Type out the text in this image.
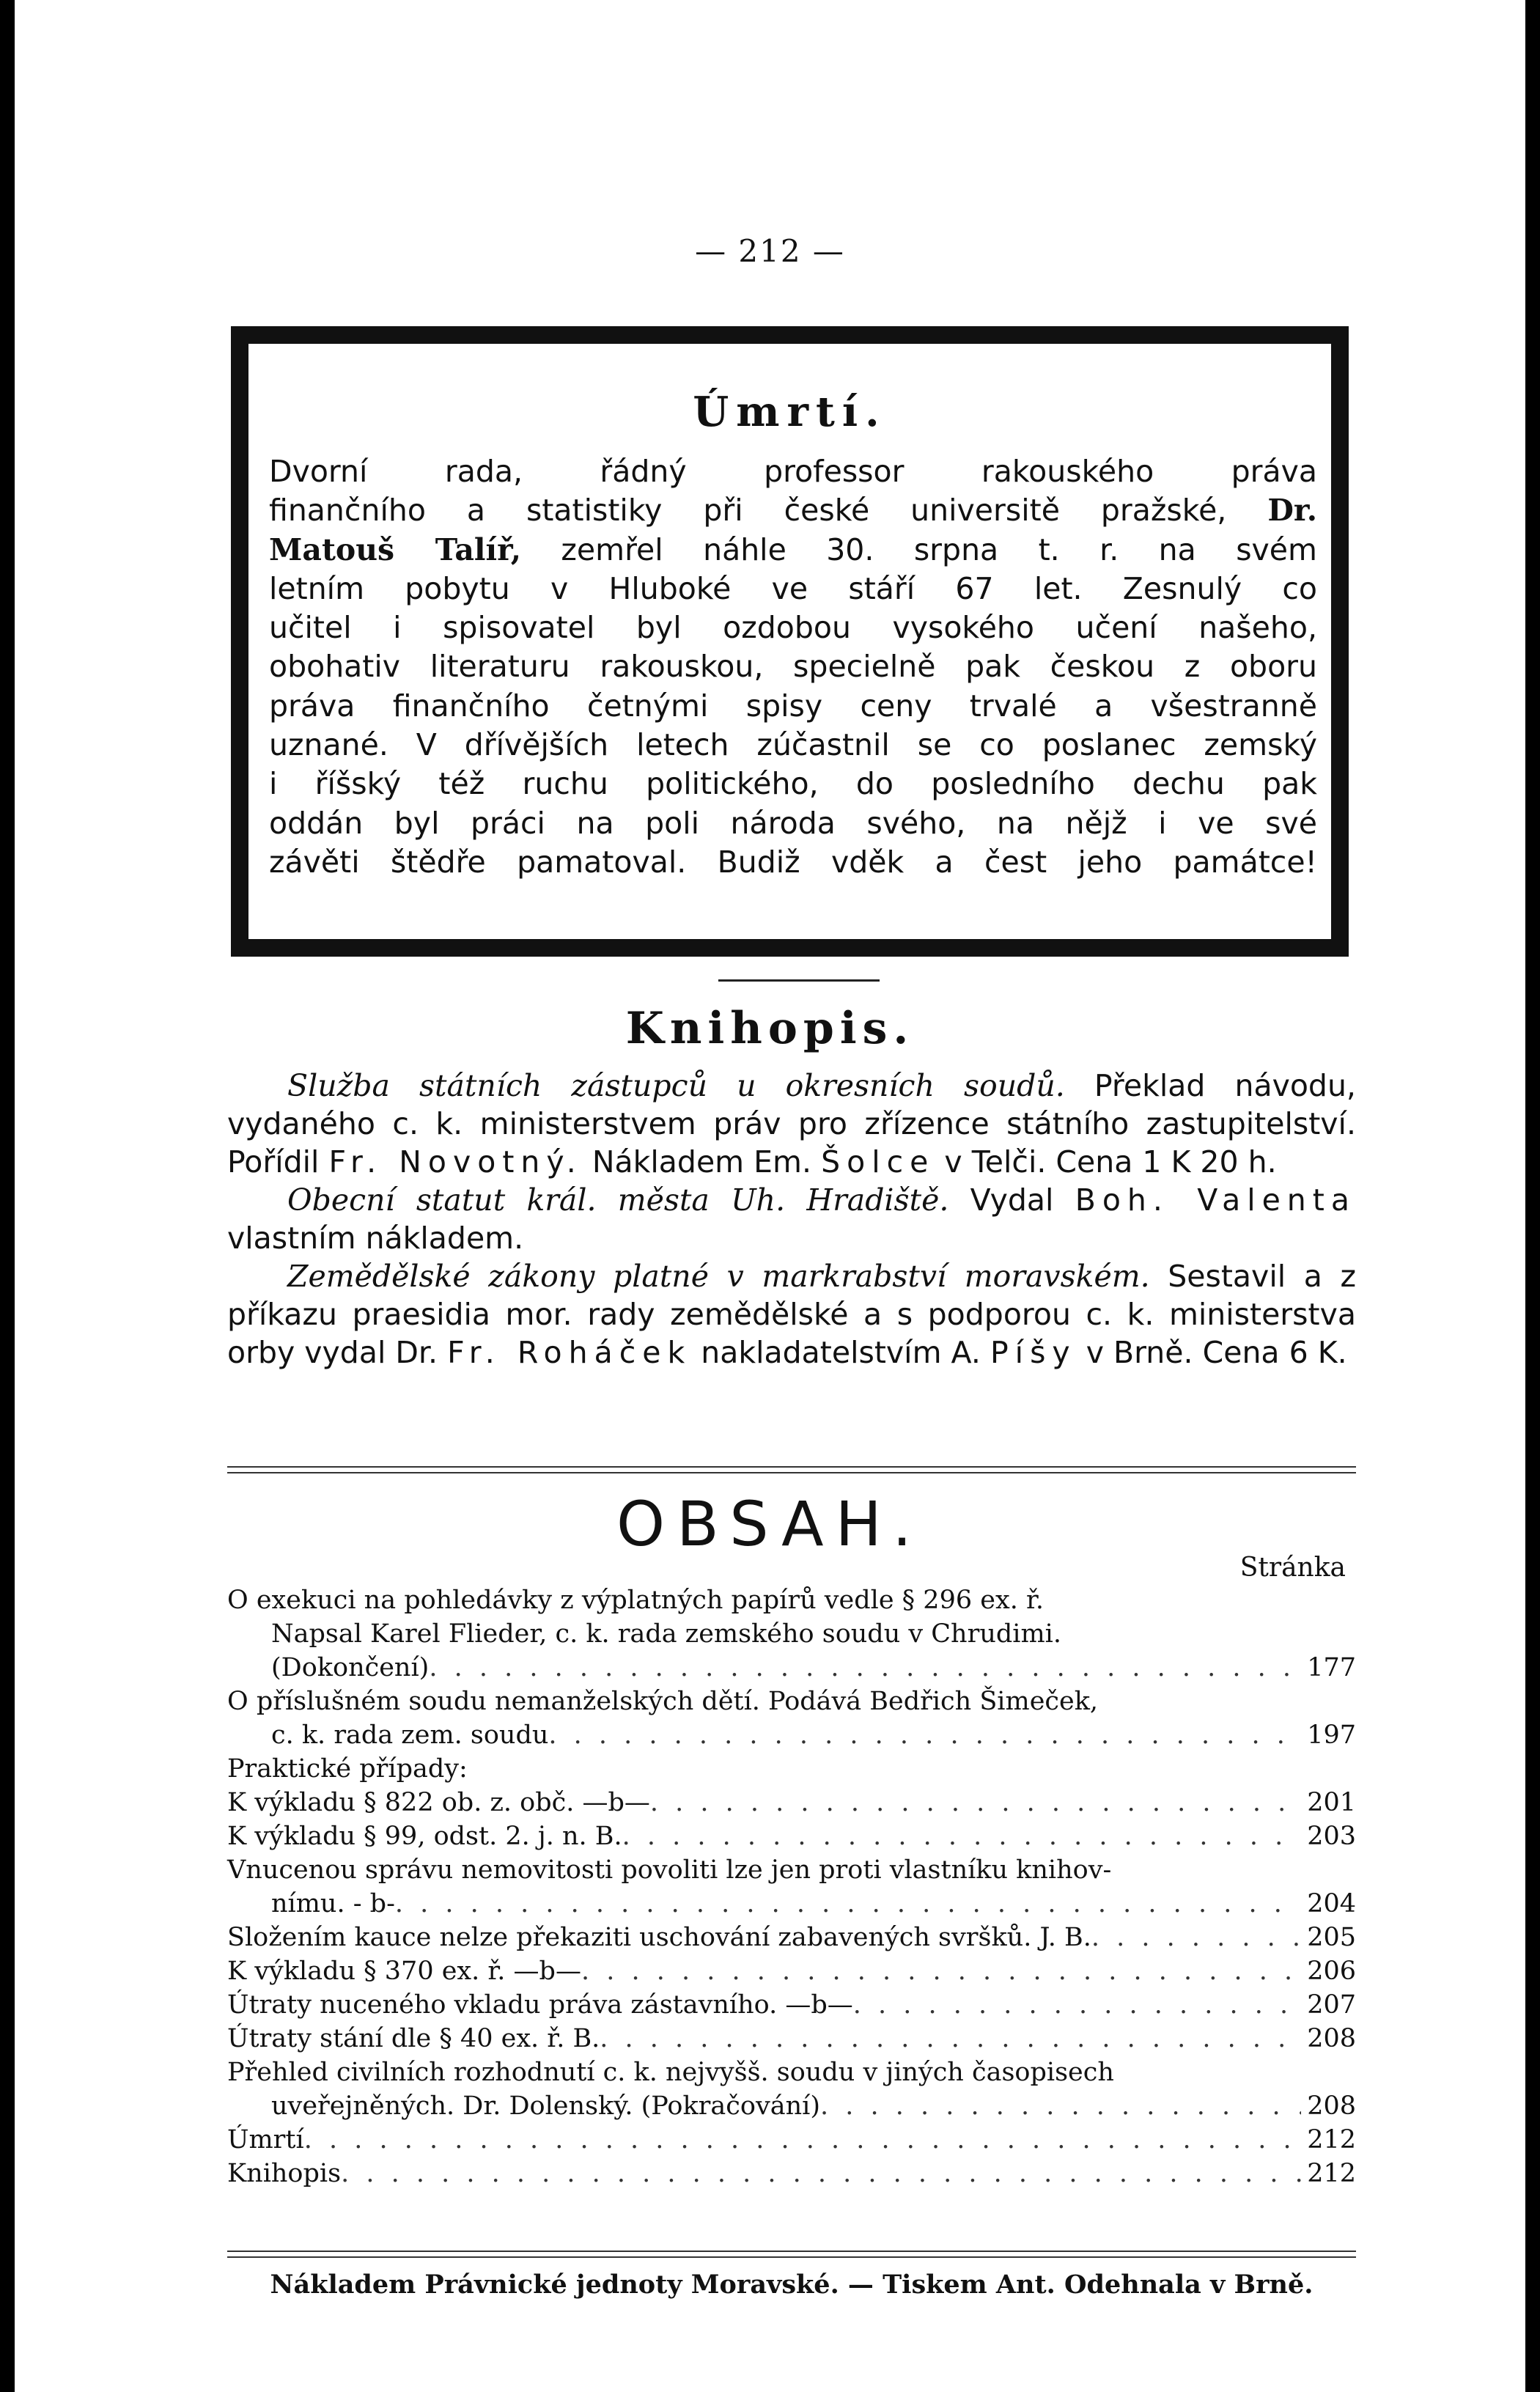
— 212 —
Úmrtí.
Dvorní rada, řádný professor rakouského práva
finančního a statistiky při české universitě pražské, Dr.
Matouš Talíř, zemřel náhle 30. srpna t. r. na svém
letním pobytu v Hluboké ve stáří 67 let. Zesnulý co
učitel i spisovatel byl ozdobou vysokého učení našeho,
obohativ literaturu rakouskou, specielně pak českou z oboru
práva finančního četnými spisy ceny trvalé a všestranně
uznané. V dřívějších letech zúčastnil se co poslanec zemský
i říšský též ruchu politického, do posledního dechu pak
oddán byl práci na poli národa svého, na nějž i ve své
závěti štědře pamatoval. Budiž vděk a čest jeho památce!
Knihopis.

  Služba státních zástupců u okresních soudů. Překlad návodu, vydaného c. k. ministerstvem práv pro zřízence státního zastupitelství. Pořídil Fr. Novotný. Nákladem Em. Šolce v Telči. Cena 1 K 20 h.

  Obecní statut král. města Uh. Hradiště. Vydal Boh. Valenta vlastním nákladem.

  Zemědělské zákony platné v markrabství moravském. Sestavil a z příkazu praesidia mor. rady zemědělské a s podporou c. k. ministerstva orby vydal Dr. Fr. Roháček nakladatelstvím A. Píšy v Brně. Cena 6 K.

OBSAH.
Stránka
O exekuci na pohledávky z výplatných papírů vedle § 296 ex. ř.
Napsal Karel Flieder, c. k. rada zemského soudu v Chrudimi.
(Dokončení) . . .	177
O příslušném soudu nemanželských dětí. Podává Bedřich Šimeček,
c. k. rada zem. soudu . . .	197
Praktické případy:
K výkladu § 822 ob. z. obč. —b— . . .	201
K výkladu § 99, odst. 2. j. n. B. . . .	203
Vnucenou správu nemovitosti povoliti lze jen proti vlastníku knihov-
nímu. - b- . . .	204
Složením kauce nelze překaziti uschování zabavených svršků. J. B. . . .	205
K výkladu § 370 ex. ř. —b— . . .	206
Útraty nuceného vkladu práva zástavního. —b— . . .	207
Útraty stání dle § 40 ex. ř. B. . . .	208
Přehled civilních rozhodnutí c. k. nejvyšš. soudu v jiných časopisech
uveřejněných. Dr. Dolenský. (Pokračování) . . .	208
Úmrtí . . .	212
Knihopis . . .	212
Nákladem Právnické jednoty Moravské. — Tiskem Ant. Odehnala v Brně.
